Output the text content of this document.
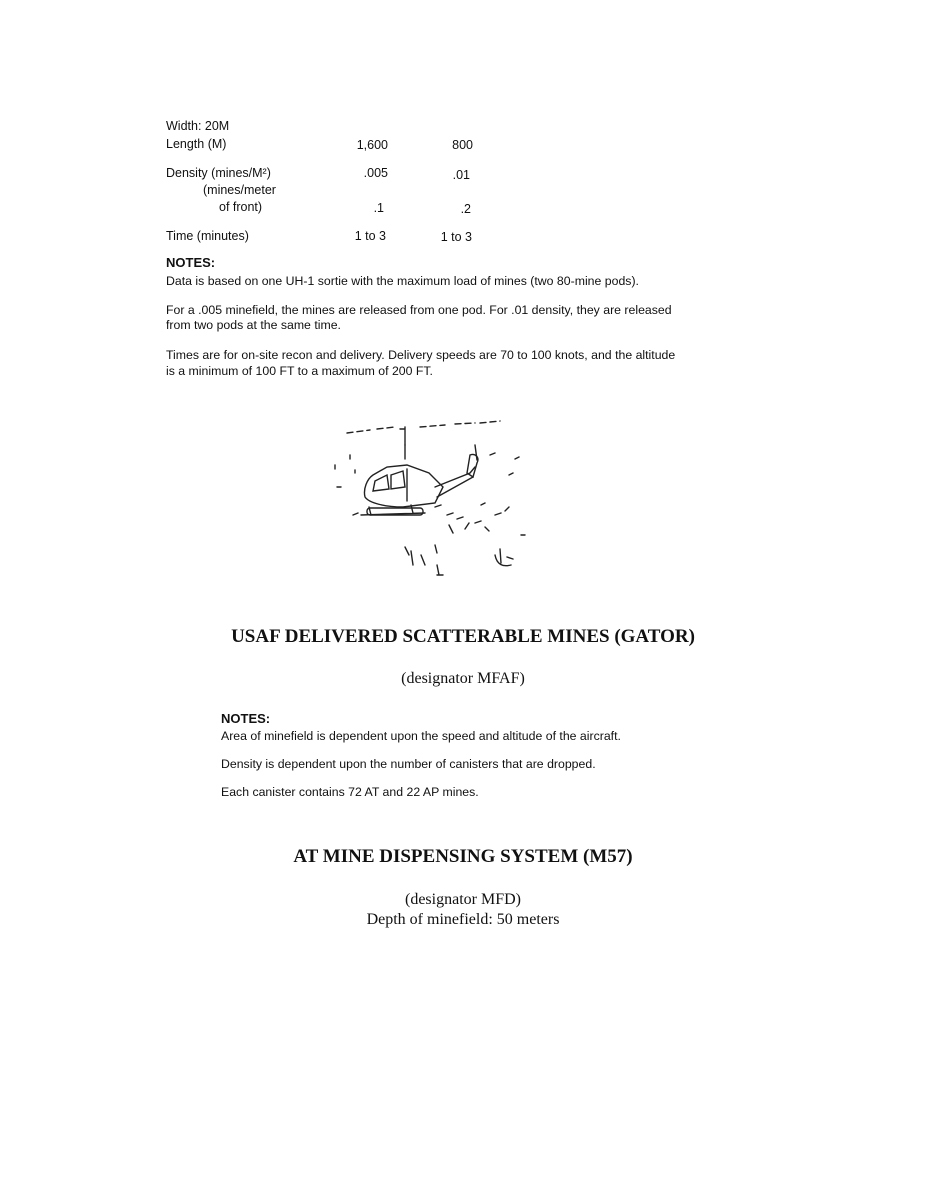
Width: 20M
Length (M)	1,600	800
Density (mines/M²)	.005	.01
(mines/meter
of front)	.1	.2
Time (minutes)	1 to 3	1 to 3
NOTES:
Data is based on one UH-1 sortie with the maximum load of mines (two 80-mine pods).
For a .005 minefield, the mines are released from one pod. For .01 density, they are released
from two pods at the same time.
Times are for on-site recon and delivery. Delivery speeds are 70 to 100 knots, and the altitude
is a minimum of 100 FT to a maximum of 200 FT.
USAF DELIVERED SCATTERABLE MINES (GATOR)
(designator MFAF)
NOTES:
Area of minefield is dependent upon the speed and altitude of the aircraft.
Density is dependent upon the number of canisters that are dropped.
Each canister contains 72 AT and 22 AP mines.
AT MINE DISPENSING SYSTEM (M57)
(designator MFD)
Depth of minefield: 50 meters
